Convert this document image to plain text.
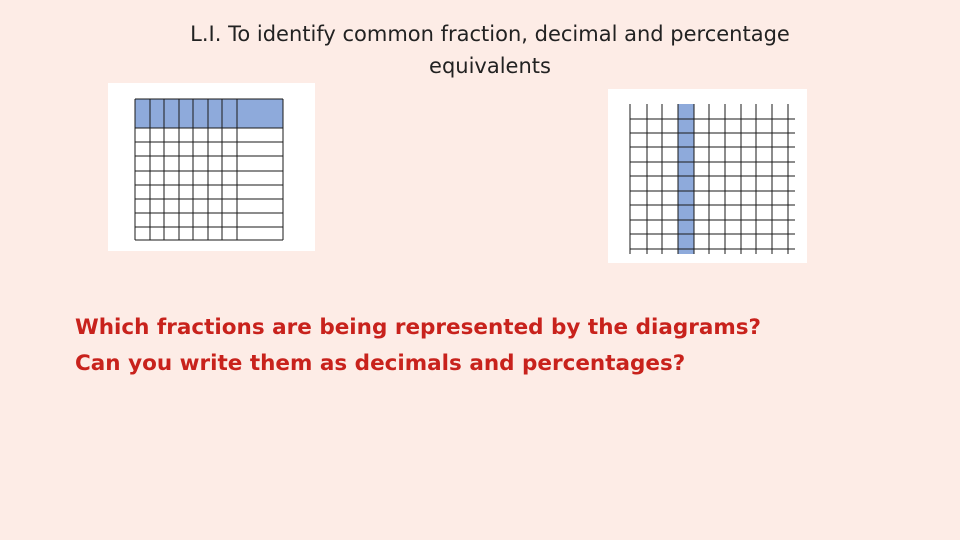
L.I. To identify common fraction, decimal and percentage
equivalents
Which fractions are being represented by the diagrams?
Can you write them as decimals and percentages?
